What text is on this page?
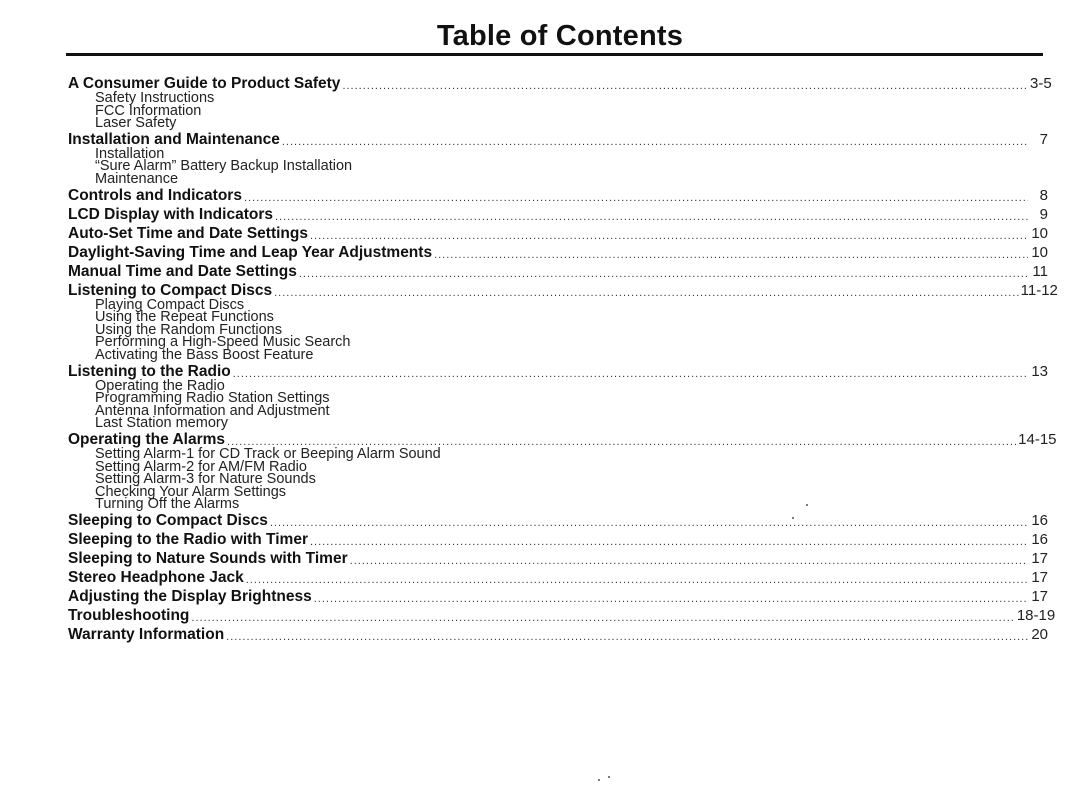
Table of Contents
A Consumer Guide to Product Safety .....	3-5
Safety Instructions
FCC Information
Laser Safety
Installation and Maintenance .....	7
Installation
“Sure Alarm” Battery Backup Installation
Maintenance
Controls and Indicators .....	8
LCD Display with Indicators .....	9
Auto-Set Time and Date Settings .....	10
Daylight-Saving Time and Leap Year Adjustments .....	10
Manual Time and Date Settings .....	11
Listening to Compact Discs .....	11-12
Playing Compact Discs
Using the Repeat Functions
Using the Random Functions
Performing a High-Speed Music Search
Activating the Bass Boost Feature
Listening to the Radio .....	13
Operating the Radio
Programming Radio Station Settings
Antenna Information and Adjustment
Last Station memory
Operating the Alarms .....	14-15
Setting Alarm-1 for CD Track or Beeping Alarm Sound
Setting Alarm-2 for AM/FM Radio
Setting Alarm-3 for Nature Sounds
Checking Your Alarm Settings
Turning Off the Alarms
Sleeping to Compact Discs .....	16
Sleeping to the Radio with Timer .....	16
Sleeping to Nature Sounds with Timer .....	17
Stereo Headphone Jack .....	17
Adjusting the Display Brightness .....	17
Troubleshooting .....	18-19
Warranty Information .....	20
